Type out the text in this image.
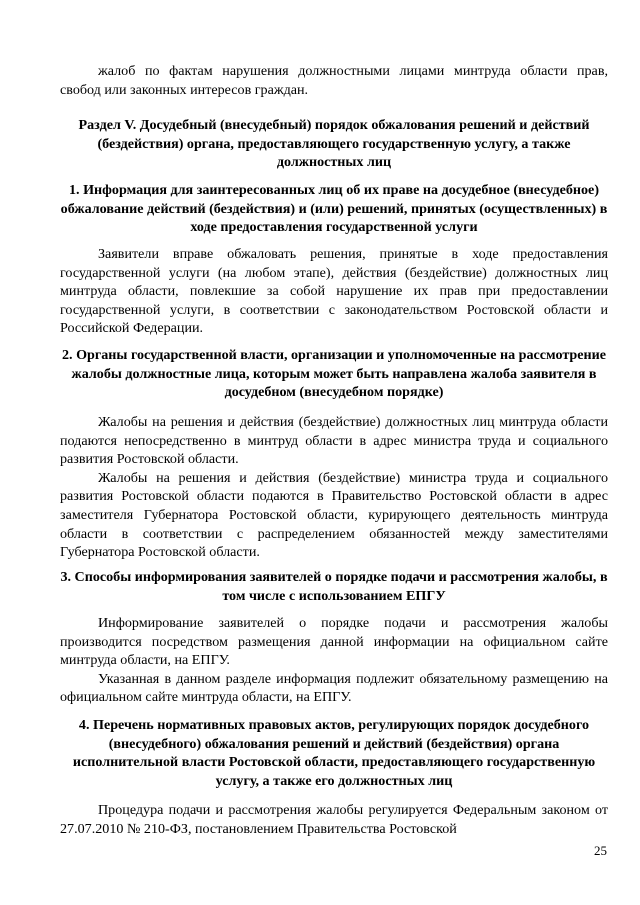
жалоб по фактам нарушения должностными лицами минтруда области прав,

свобод или законных интересов граждан.

Раздел V. Досудебный (внесудебный) порядок обжалования решений и действий (бездействия) органа, предоставляющего государственную услугу, а также должностных лиц
1. Информация для заинтересованных лиц об их праве на досудебное (внесудебное) обжалование действий (бездействия) и (или) решений, принятых (осуществленных) в ходе предоставления государственной услуги

Заявители вправе обжаловать решения, принятые в ходе предоставления государственной услуги (на любом этапе), действия (бездействие) должностных лиц минтруда области, повлекшие за собой нарушение их прав при предоставлении государственной услуги, в соответствии с законодательством Ростовской области и Российской Федерации.

2. Органы государственной власти, организации и уполномоченные на рассмотрение жалобы должностные лица, которым может быть направлена жалоба заявителя в досудебном (внесудебном порядке)

Жалобы на решения и действия (бездействие) должностных лиц минтруда области подаются непосредственно в минтруд области в адрес министра труда и социального развития Ростовской области.

Жалобы на решения и действия (бездействие) министра труда и социального развития Ростовской области подаются в Правительство Ростовской области в адрес заместителя Губернатора Ростовской области, курирующего деятельность минтруда области в соответствии с распределением обязанностей между заместителями Губернатора Ростовской области.

3. Способы информирования заявителей о порядке подачи и рассмотрения жалобы, в том числе с использованием ЕПГУ

Информирование заявителей о порядке подачи и рассмотрения жалобы производится посредством размещения данной информации на официальном сайте минтруда области, на ЕПГУ.

Указанная в данном разделе информация подлежит обязательному размещению на официальном сайте минтруда области, на ЕПГУ.

4. Перечень нормативных правовых актов, регулирующих порядок досудебного (внесудебного) обжалования решений и действий (бездействия) органа исполнительной власти Ростовской области, предоставляющего государственную услугу, а также его должностных лиц

Процедура подачи и рассмотрения жалобы регулируется Федеральным законом от 27.07.2010 № 210-ФЗ, постановлением Правительства Ростовской

25
